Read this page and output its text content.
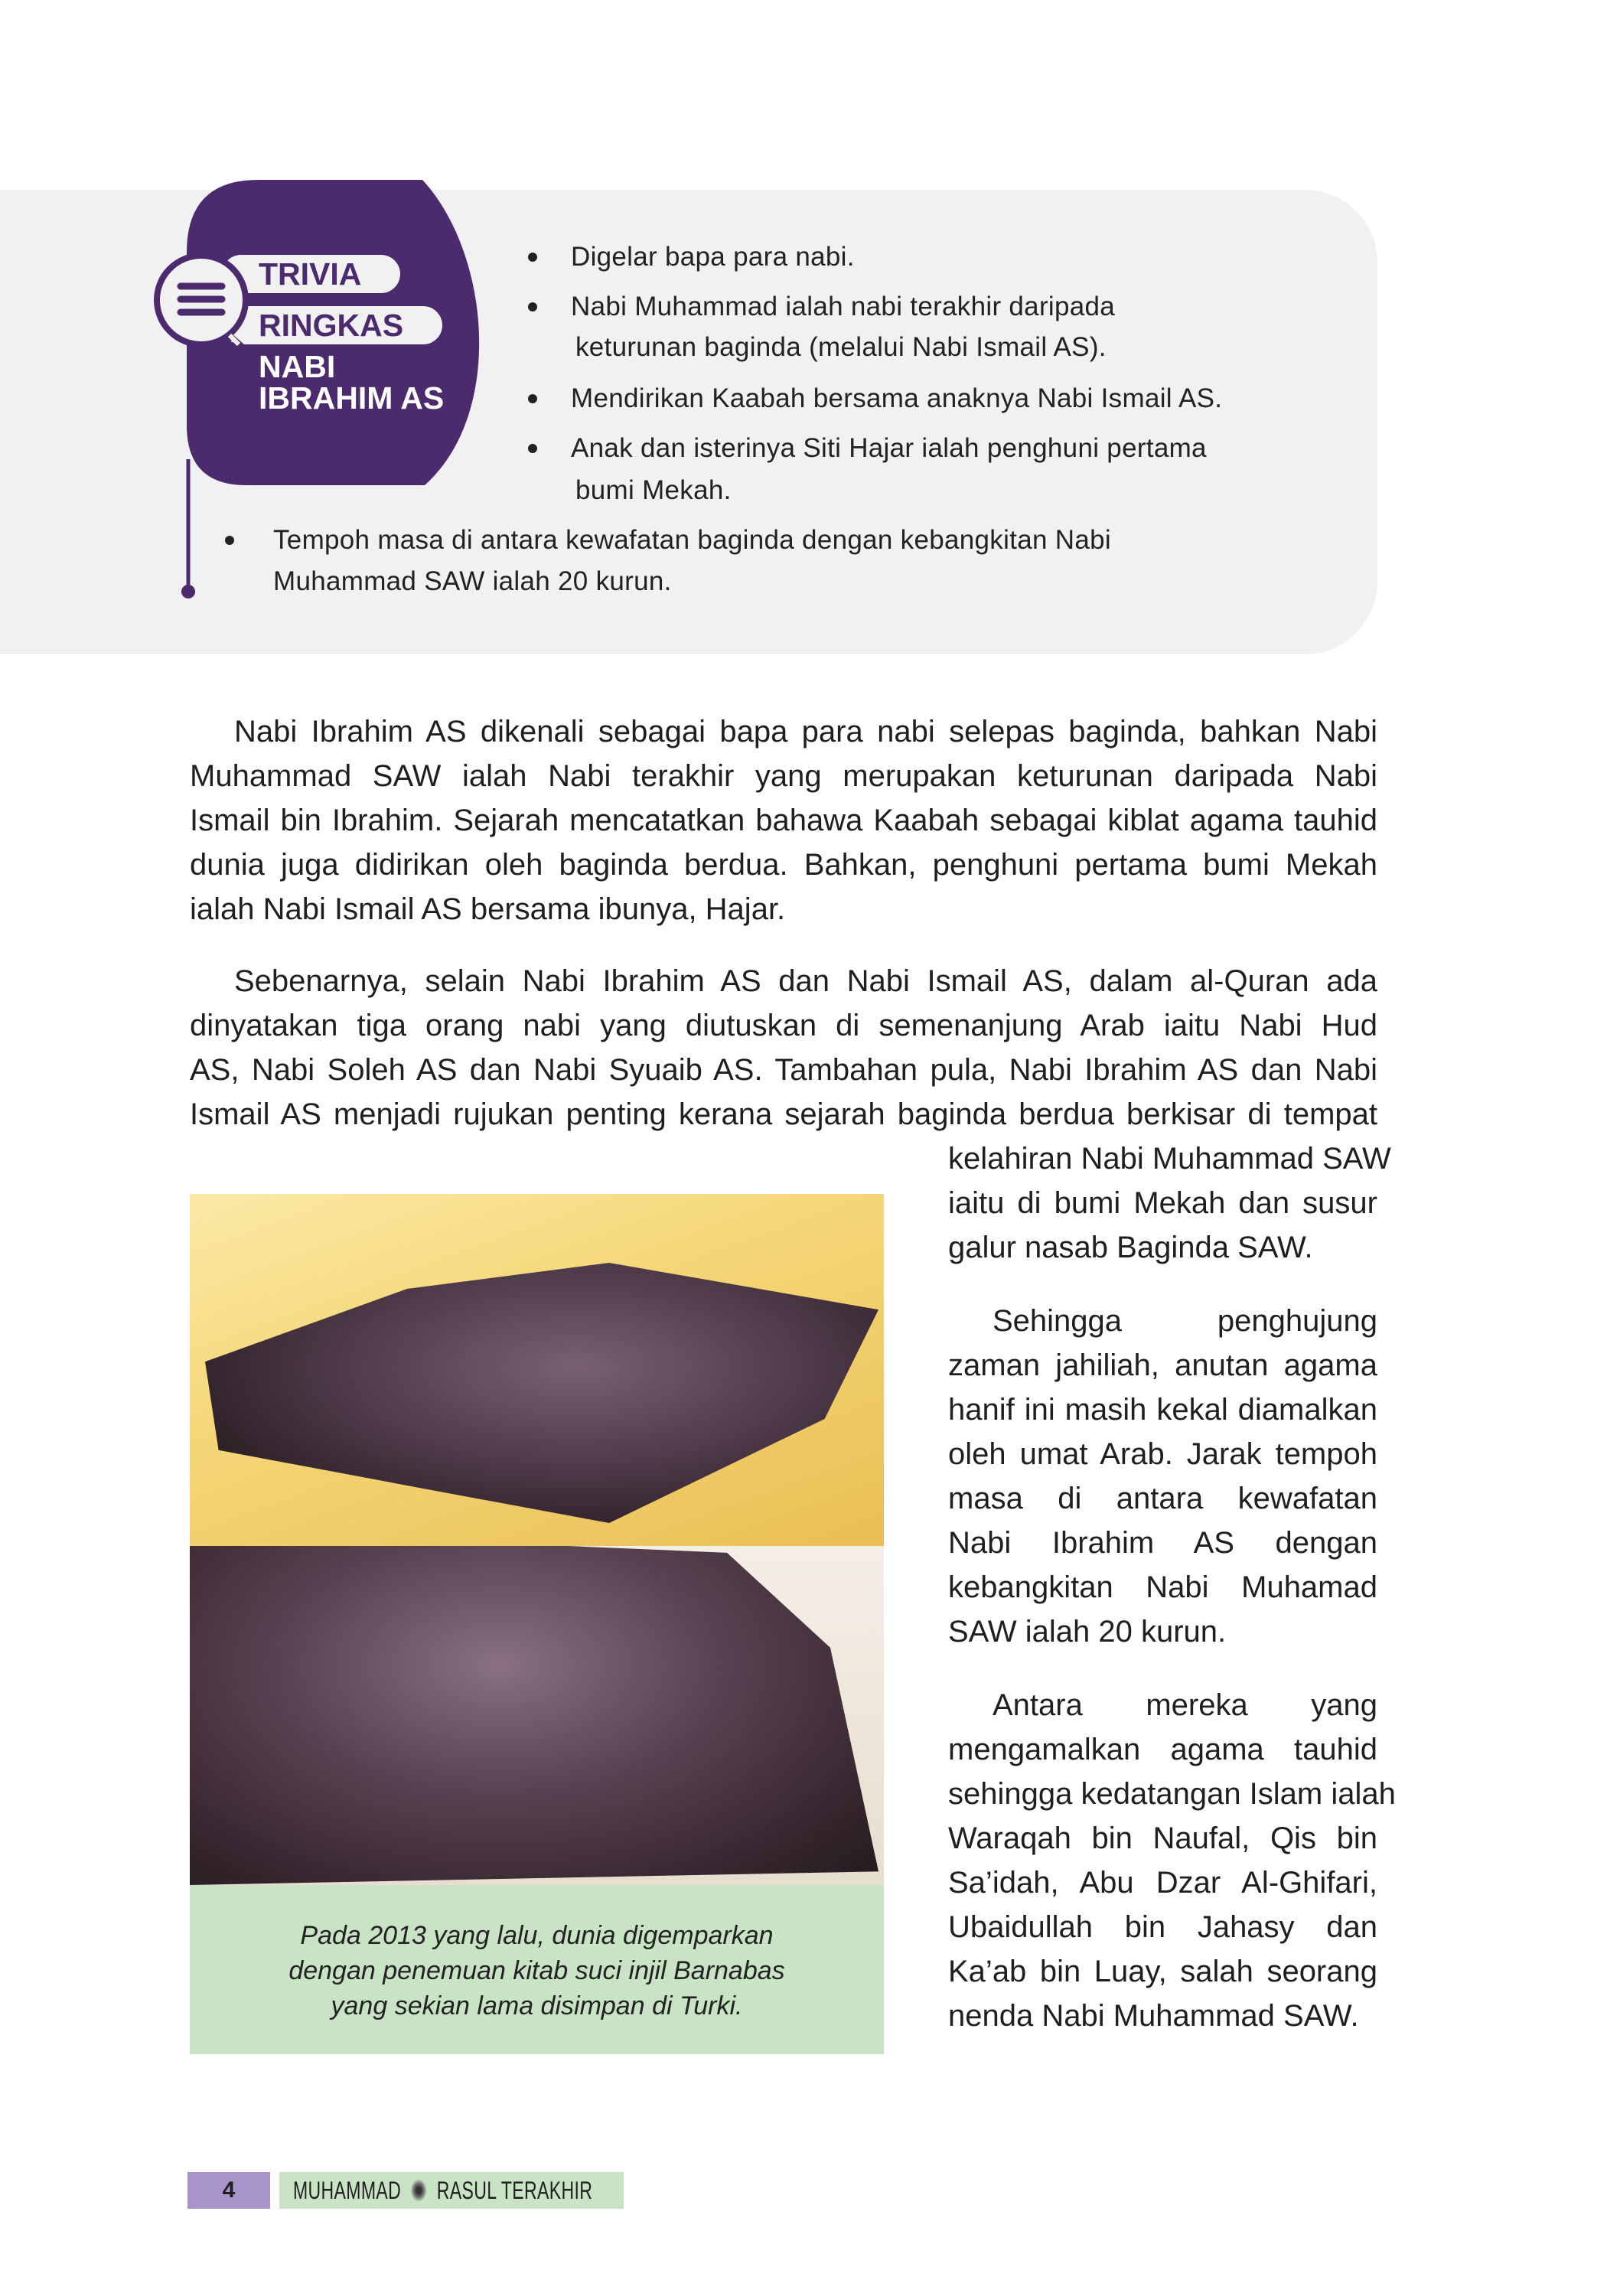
TRIVIA
RINGKAS
NABI
IBRAHIM AS
Digelar bapa para nabi.
Nabi Muhammad ialah nabi terakhir daripada
keturunan baginda (melalui Nabi Ismail AS).
Mendirikan Kaabah bersama anaknya Nabi Ismail AS.
Anak dan isterinya Siti Hajar ialah penghuni pertama
bumi Mekah.
Tempoh masa di antara kewafatan baginda dengan kebangkitan Nabi
Muhammad SAW ialah 20 kurun.
Nabi Ibrahim AS dikenali sebagai bapa para nabi selepas baginda, bahkan Nabi
Muhammad SAW ialah Nabi terakhir yang merupakan keturunan daripada Nabi
Ismail bin Ibrahim. Sejarah mencatatkan bahawa Kaabah sebagai kiblat agama tauhid
dunia juga didirikan oleh baginda berdua. Bahkan, penghuni pertama bumi Mekah
ialah Nabi Ismail AS bersama ibunya, Hajar.
Sebenarnya, selain Nabi Ibrahim AS dan Nabi Ismail AS, dalam al-Quran ada
dinyatakan tiga orang nabi yang diutuskan di semenanjung Arab iaitu Nabi Hud
AS, Nabi Soleh AS dan Nabi Syuaib AS. Tambahan pula, Nabi Ibrahim AS dan Nabi
Ismail AS menjadi rujukan penting kerana sejarah baginda berdua berkisar di tempat
kelahiran Nabi Muhammad SAW
iaitu di bumi Mekah dan susur
galur nasab Baginda SAW.
Sehingga penghujung
zaman jahiliah, anutan agama
hanif ini masih kekal diamalkan
oleh umat Arab. Jarak tempoh
masa di antara kewafatan
Nabi Ibrahim AS dengan
kebangkitan Nabi Muhamad
SAW ialah 20 kurun.
Antara mereka yang
mengamalkan agama tauhid
sehingga kedatangan Islam ialah
Waraqah bin Naufal, Qis bin
Sa’idah, Abu Dzar Al-Ghifari,
Ubaidullah bin Jahasy dan
Ka’ab bin Luay, salah seorang
nenda Nabi Muhammad SAW.
Pada 2013 yang lalu, dunia digemparkan
dengan penemuan kitab suci injil Barnabas
yang sekian lama disimpan di Turki.
4	MUHAMMAD RASUL TERAKHIR
